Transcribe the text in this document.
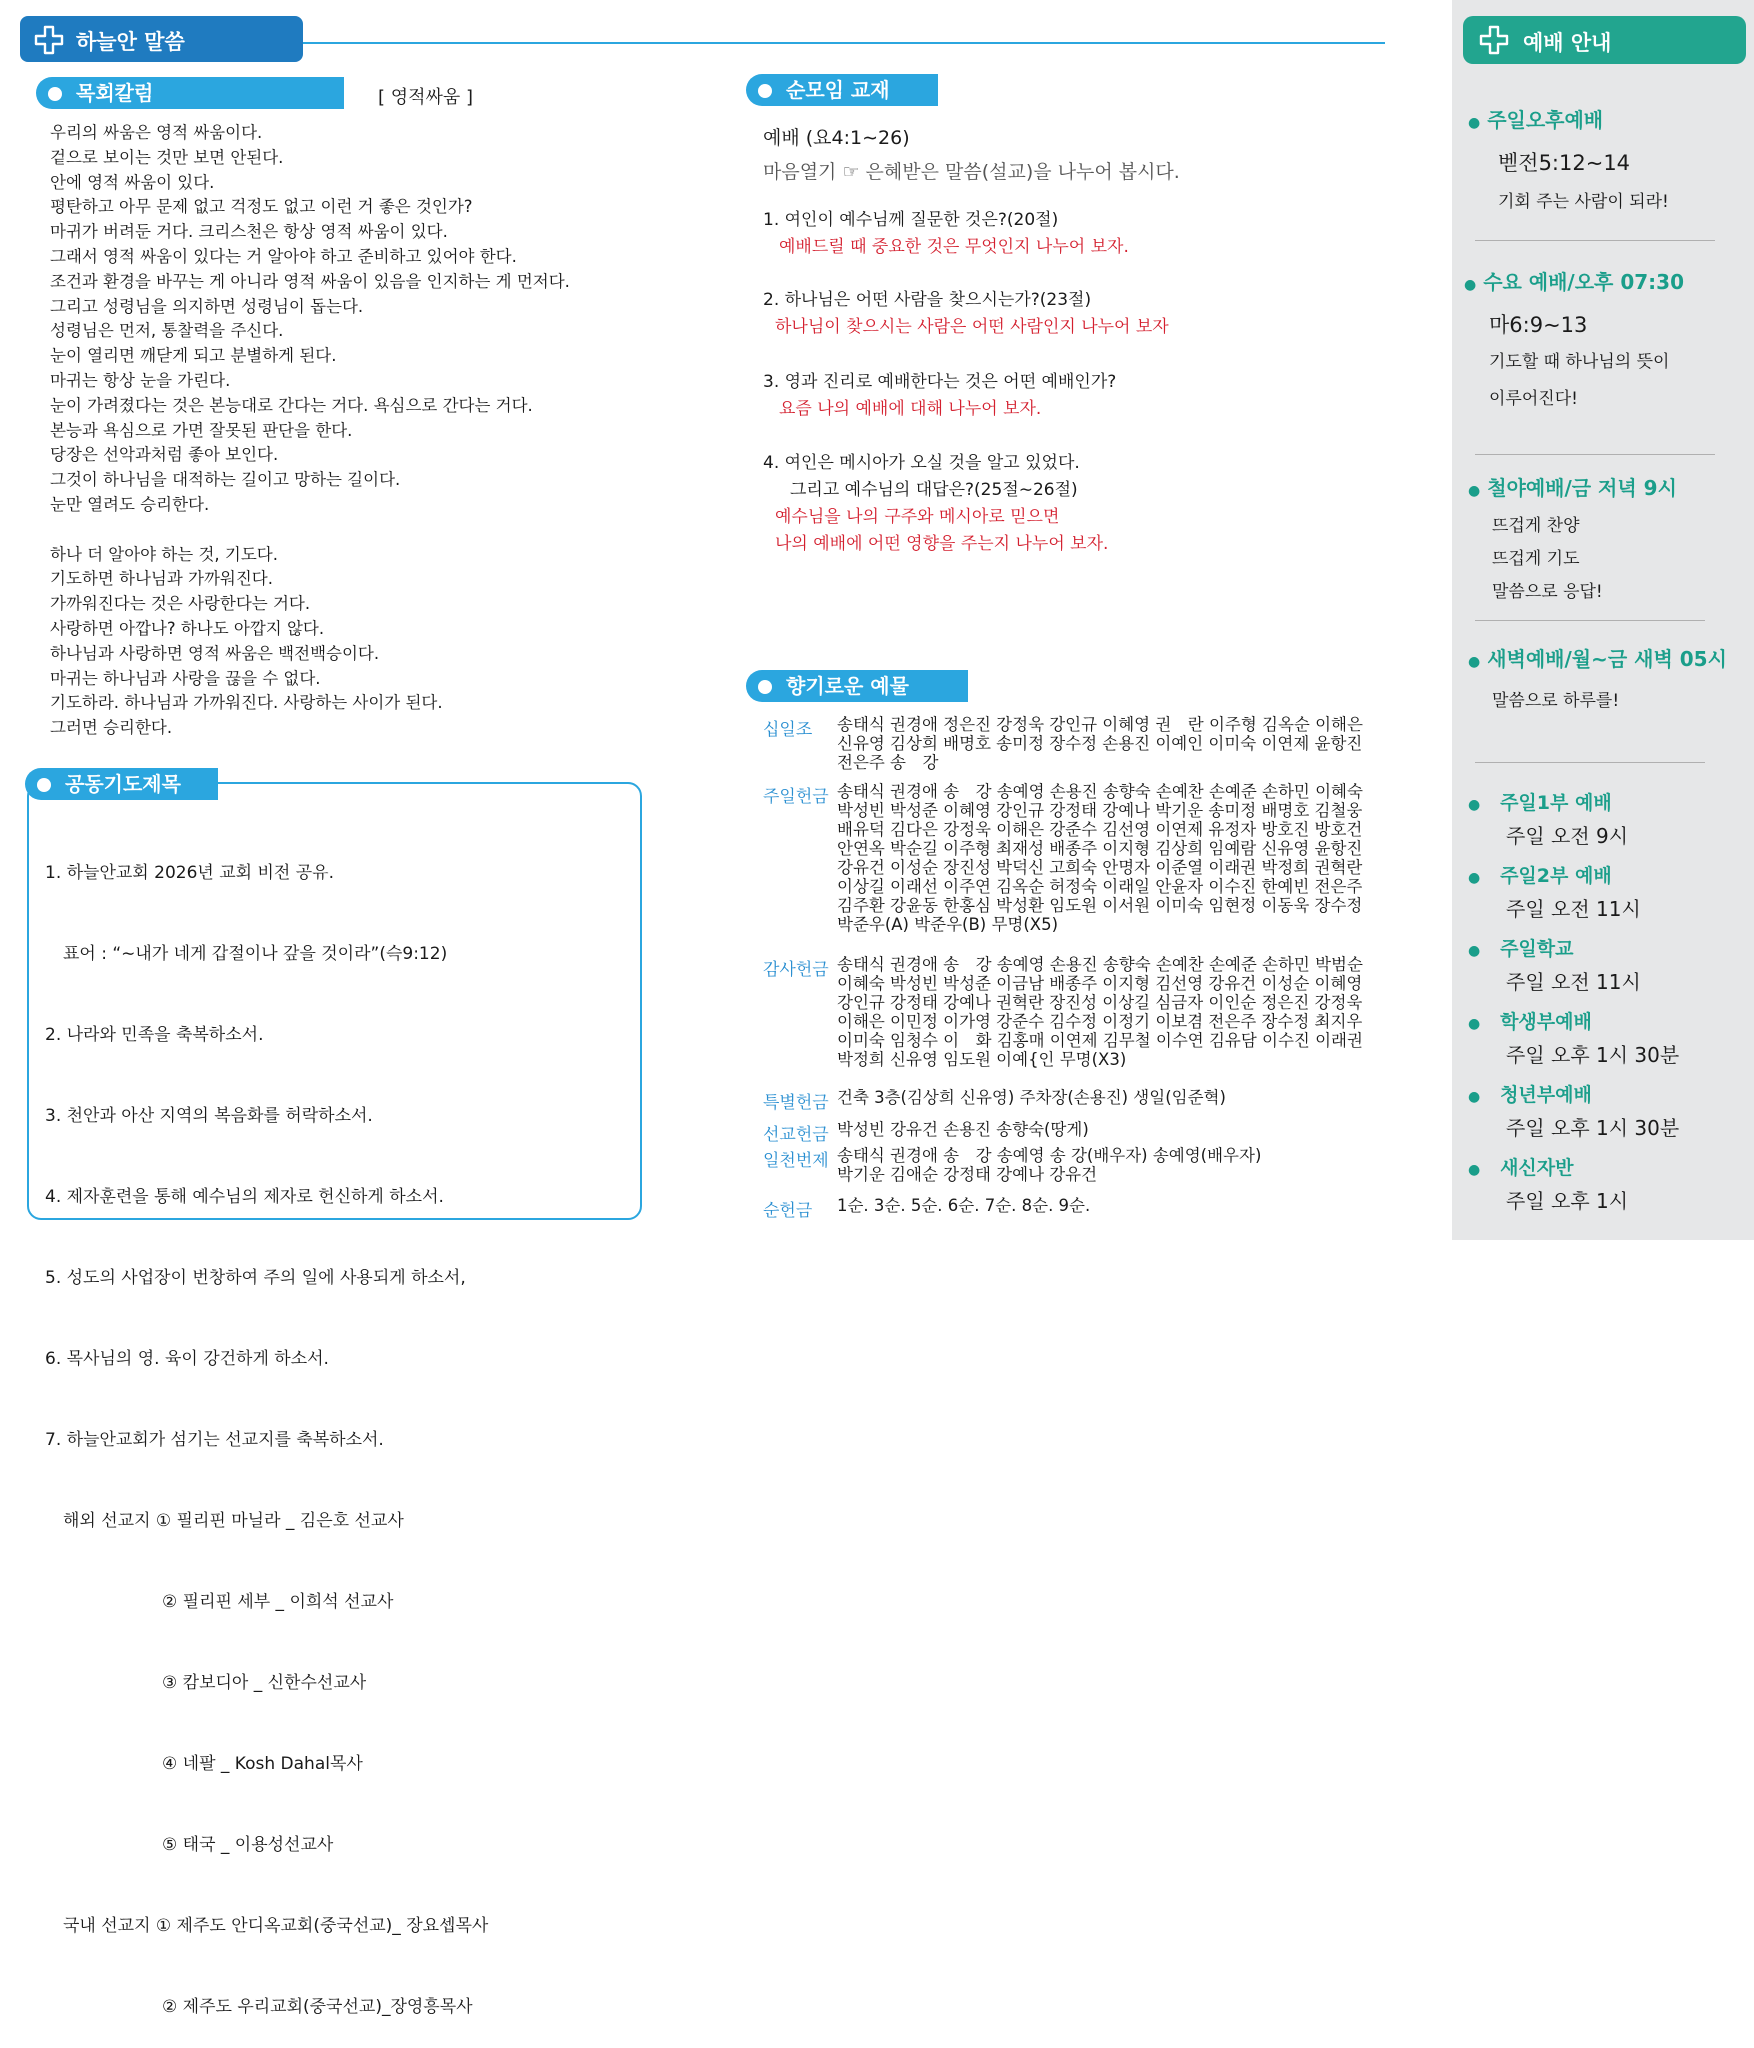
하늘안 말씀
목회칼럼	[ 영적싸움 ]
우리의 싸움은 영적 싸움이다.
겉으로 보이는 것만 보면 안된다.
안에 영적 싸움이 있다.
평탄하고 아무 문제 없고 걱정도 없고 이런 거 좋은 것인가?
마귀가 버려둔 거다. 크리스천은 항상 영적 싸움이 있다.
그래서 영적 싸움이 있다는 거 알아야 하고 준비하고 있어야 한다.
조건과 환경을 바꾸는 게 아니라 영적 싸움이 있음을 인지하는 게 먼저다.
그리고 성령님을 의지하면 성령님이 돕는다.
성령님은 먼저, 통찰력을 주신다.
눈이 열리면 깨닫게 되고 분별하게 된다.
마귀는 항상 눈을 가린다.
눈이 가려졌다는 것은 본능대로 간다는 거다. 욕심으로 간다는 거다.
본능과 욕심으로 가면 잘못된 판단을 한다.
당장은 선악과처럼 좋아 보인다.
그것이 하나님을 대적하는 길이고 망하는 길이다.
눈만 열려도 승리한다.
하나 더 알아야 하는 것, 기도다.
기도하면 하나님과 가까워진다.
가까워진다는 것은 사랑한다는 거다.
사랑하면 아깝나? 하나도 아깝지 않다.
하나님과 사랑하면 영적 싸움은 백전백승이다.
마귀는 하나님과 사랑을 끊을 수 없다.
기도하라. 하나님과 가까워진다. 사랑하는 사이가 된다.
그러면 승리한다.
공동기도제목

1. 하늘안교회 2026년 교회 비전 공유.

표어 : “∼내가 네게 갑절이나 갚을 것이라”(슥9:12)

2. 나라와 민족을 축복하소서.

3. 천안과 아산 지역의 복음화를 허락하소서.

4. 제자훈련을 통해 예수님의 제자로 헌신하게 하소서.

5. 성도의 사업장이 번창하여 주의 일에 사용되게 하소서,

6. 목사님의 영. 육이 강건하게 하소서.

7. 하늘안교회가 섬기는 선교지를 축복하소서.

해외 선교지 ① 필리핀 마닐라 _ 김은호 선교사

② 필리핀 세부 _ 이희석 선교사

③ 캄보디아 _ 신한수선교사

④ 네팔 _ Kosh Dahal목사

⑤ 태국 _ 이용성선교사

국내 선교지 ① 제주도 안디옥교회(중국선교)_ 장요셉목사

② 제주도 우리교회(중국선교)_장영흥목사

순모임 교재
예배 (요4:1∼26)
마음열기 ☞ 은혜받은 말씀(설교)을 나누어 봅시다.
1. 여인이 예수님께 질문한 것은?(20절)
예배드릴 때 중요한 것은 무엇인지 나누어 보자.
2. 하나님은 어떤 사람을 찾으시는가?(23절)
하나님이 찾으시는 사람은 어떤 사람인지 나누어 보자
3. 영과 진리로 예배한다는 것은 어떤 예배인가?
요즘 나의 예배에 대해 나누어 보자.
4. 여인은 메시아가 오실 것을 알고 있었다.
그리고 예수님의 대답은?(25절∼26절)
예수님을 나의 구주와 메시아로 믿으면
나의 예배에 어떤 영향을 주는지 나누어 보자.
향기로운 예물
십일조 송태식 권경애 정은진 강정욱 강인규 이혜영 권　란 이주형 김옥순 이해은
신유영 김상희 배명호 송미정 장수정 손용진 이예인 이미숙 이연제 윤항진
전은주 송　강
주일헌금 송태식 권경애 송　강 송예영 손용진 송향숙 손예찬 손예준 손하민 이혜숙
박성빈 박성준 이혜영 강인규 강정태 강예나 박기운 송미정 배명호 김철웅
배유덕 김다은 강정욱 이해은 강준수 김선영 이연제 유정자 방호진 방호건
안연옥 박순길 이주형 최재성 배종주 이지형 김상희 임예람 신유영 윤항진
강유건 이성순 장진성 박덕신 고희숙 안명자 이준열 이래권 박정희 권혁란
이상길 이래선 이주연 김옥순 허정숙 이래일 안윤자 이수진 한예빈 전은주
김주환 강윤동 한홍심 박성환 임도원 이서원 이미숙 임현정 이동욱 장수정
박준우(A) 박준우(B) 무명(X5)
감사헌금 송태식 권경애 송　강 송예영 손용진 송향숙 손예찬 손예준 손하민 박범순
이혜숙 박성빈 박성준 이금남 배종주 이지형 김선영 강유건 이성순 이혜영
강인규 강정태 강예나 권혁란 장진성 이상길 심금자 이인순 정은진 강정욱
이해은 이민정 이가영 강준수 김수정 이정기 이보겸 전은주 장수정 최지우
이미숙 임청수 이　화 김홍매 이연제 김무철 이수연 김유담 이수진 이래권
박정희 신유영 임도원 이예{인 무명(X3)
특별헌금 건축 3층(김상희 신유영) 주차장(손용진) 생일(임준혁)
선교헌금 박성빈 강유건 손용진 송향숙(땅게)
일천번제 송태식 권경애 송　강 송예영 송 강(배우자) 송예영(배우자)
박기운 김애순 강정태 강예나 강유건
순헌금 1순. 3순. 5순. 6순. 7순. 8순. 9순.
예배 안내
● 주일오후예배
벧전5:12∼14
기회 주는 사람이 되라!
● 수요 예배/오후 07:30
마6:9∼13
기도할 때 하나님의 뜻이
이루어진다!
● 철야예배/금 저녁 9시
뜨겁게 찬양
뜨겁게 기도
말씀으로 응답!
● 새벽예배/월∼금 새벽 05시
말씀으로 하루를!
● 주일1부 예배
주일 오전 9시
● 주일2부 예배
주일 오전 11시
● 주일학교
주일 오전 11시
● 학생부예배
주일 오후 1시 30분
● 청년부예배
주일 오후 1시 30분
● 새신자반
주일 오후 1시
